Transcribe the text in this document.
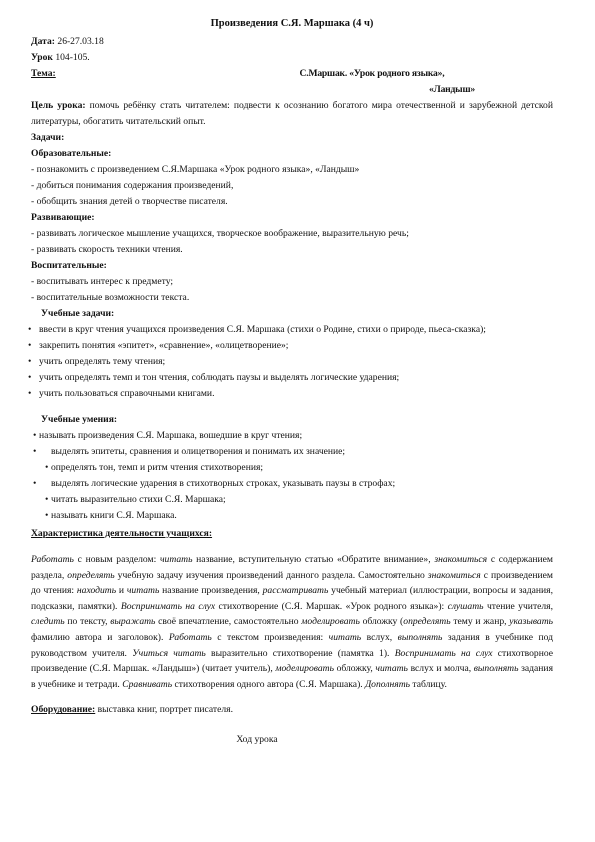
Произведения С.Я. Маршака (4 ч)
Дата: 26-27.03.18
Урок 104-105.
Тема:	С.Маршак. «Урок родного языка»,
«Ландыш»
Цель урока: помочь ребёнку стать читателем: подвести к осознанию богатого мира отечественной и зарубежной детской литературы, обогатить читательский опыт.
Задачи:
Образовательные:
- познакомить с произведением С.Я.Маршака «Урок родного языка», «Ландыш»
- добиться понимания содержания произведений,
- обобщить знания детей о творчестве писателя.
Развивающие:
- развивать логическое мышление учащихся, творческое воображение, выразительную речь;
- развивать скорость техники чтения.
Воспитательные:
- воспитывать интерес к предмету;
- воспитательные возможности текста.
Учебные задачи:
• ввести в круг чтения учащихся произведения С.Я. Маршака (стихи о Родине, стихи о природе, пьеса-сказка);
• закрепить понятия «эпитет», «сравнение», «олицетворение»;
• учить определять тему чтения;
• учить определять темп и тон чтения, соблюдать паузы и выделять логические ударения;
• учить пользоваться справочными книгами.
Учебные умения:
• называть произведения С.Я. Маршака, вошедшие в круг чтения;
• выделять эпитеты, сравнения и олицетворения и понимать их значение;
• определять тон, темп и ритм чтения стихотворения;
• выделять логические ударения в стихотворных строках, указывать паузы в строфах;
• читать выразительно стихи С.Я. Маршака;
• называть книги С.Я. Маршака.
Характеристика деятельности учащихся:
Работать с новым разделом: читать название, вступительную статью «Обратите внимание», знакомиться с содержанием раздела, определять учебную задачу изучения произведений данного раздела. Самостоятельно знакомиться с произведением до чтения: находить и читать название произведения, рассматривать учебный материал (иллюстрации, вопросы и задания, подсказки, памятки). Воспринимать на слух стихотворение (С.Я. Маршак. «Урок родного языка»): слушать чтение учителя, следить по тексту, выражать своё впечатление, самостоятельно моделировать обложку (определять тему и жанр, указывать фамилию автора и заголовок). Работать с текстом произведения: читать вслух, выполнять задания в учебнике под руководством учителя. Учиться читать выразительно стихотворение (памятка 1). Воспринимать на слух стихотворное произведение (С.Я. Маршак. «Ландыш») (читает учитель), моделировать обложку, читать вслух и молча, выполнять задания в учебнике и тетради. Сравнивать стихотворения одного автора (С.Я. Маршака). Дополнять таблицу.
Оборудование: выставка книг, портрет писателя.
Ход урока
